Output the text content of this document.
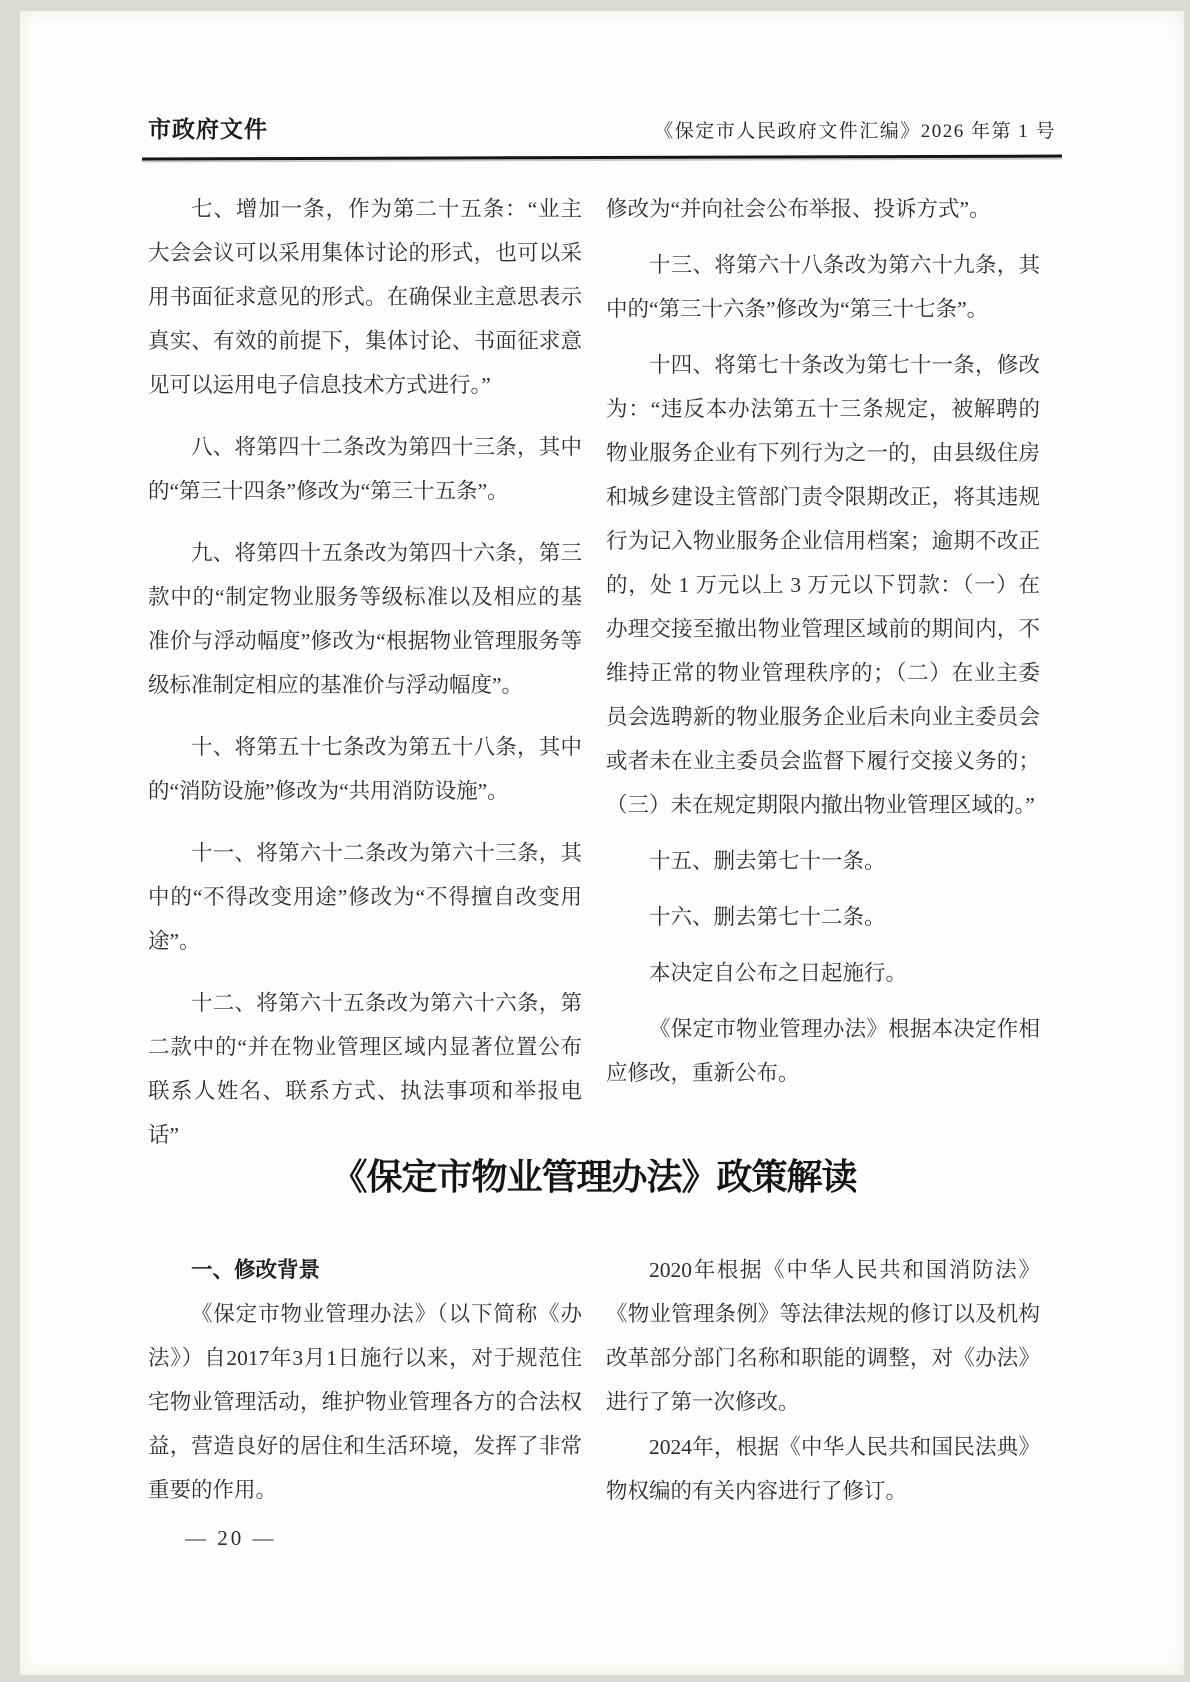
市政府文件	《保定市人民政府文件汇编》2026 年第 1 号

七、增加一条，作为第二十五条：“业主大会会议可以采用集体讨论的形式，也可以采用书面征求意见的形式。在确保业主意思表示真实、有效的前提下，集体讨论、书面征求意见可以运用电子信息技术方式进行。”

八、将第四十二条改为第四十三条，其中的“第三十四条”修改为“第三十五条”。

九、将第四十五条改为第四十六条，第三款中的“制定物业服务等级标准以及相应的基准价与浮动幅度”修改为“根据物业管理服务等级标准制定相应的基准价与浮动幅度”。

十、将第五十七条改为第五十八条，其中的“消防设施”修改为“共用消防设施”。

十一、将第六十二条改为第六十三条，其中的“不得改变用途”修改为“不得擅自改变用途”。

十二、将第六十五条改为第六十六条，第二款中的“并在物业管理区域内显著位置公布联系人姓名、联系方式、执法事项和举报电话”

修改为“并向社会公布举报、投诉方式”。

十三、将第六十八条改为第六十九条，其中的“第三十六条”修改为“第三十七条”。

十四、将第七十条改为第七十一条，修改为：“违反本办法第五十三条规定，被解聘的物业服务企业有下列行为之一的，由县级住房和城乡建设主管部门责令限期改正，将其违规行为记入物业服务企业信用档案；逾期不改正的，处 1 万元以上 3 万元以下罚款：（一）在办理交接至撤出物业管理区域前的期间内，不维持正常的物业管理秩序的；（二）在业主委员会选聘新的物业服务企业后未向业主委员会或者未在业主委员会监督下履行交接义务的；（三）未在规定期限内撤出物业管理区域的。”

十五、删去第七十一条。

十六、删去第七十二条。

本决定自公布之日起施行。

《保定市物业管理办法》根据本决定作相应修改，重新公布。

《保定市物业管理办法》政策解读

一、修改背景

《保定市物业管理办法》（以下简称《办法》）自2017年3月1日施行以来，对于规范住宅物业管理活动，维护物业管理各方的合法权益，营造良好的居住和生活环境，发挥了非常重要的作用。

2020年根据《中华人民共和国消防法》《物业管理条例》等法律法规的修订以及机构改革部分部门名称和职能的调整，对《办法》进行了第一次修改。

2024年，根据《中华人民共和国民法典》物权编的有关内容进行了修订。

— 20 —
